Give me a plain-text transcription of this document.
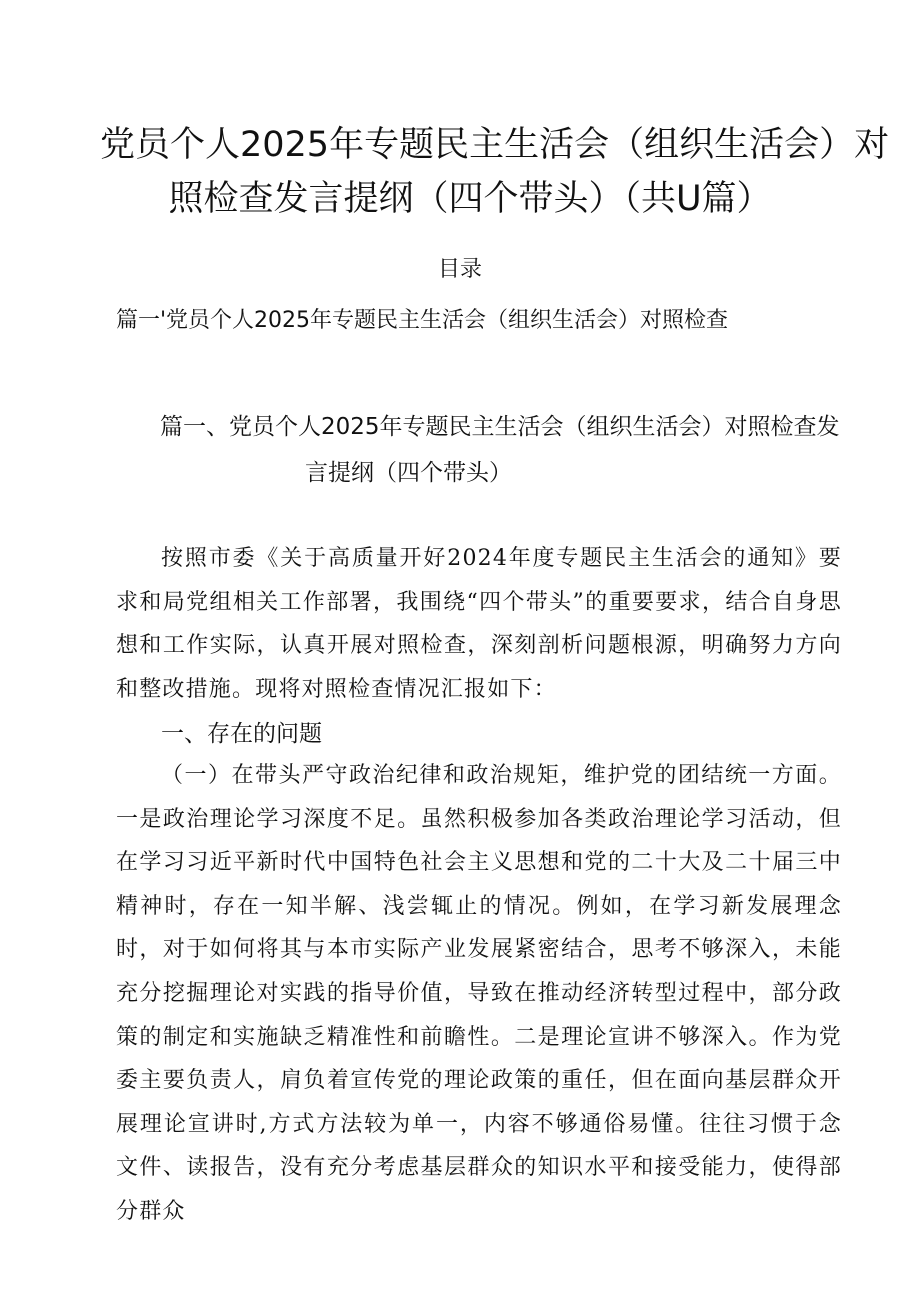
党员个人2025年专题民主生活会（组织生活会）对
照检查发言提纲（四个带头）（共U篇）
目录
篇一'党员个人2025年专题民主生活会（组织生活会）对照检查
篇一、党员个人2025年专题民主生活会（组织生活会）对照检查发
言提纲（四个带头）

按照市委《关于高质量开好2024年度专题民主生活会的通知》要求和局党组相关工作部署，我围绕“四个带头”的重要要求，结合自身思想和工作实际，认真开展对照检查，深刻剖析问题根源，明确努力方向和整改措施。现将对照检查情况汇报如下：

一、存在的问题

（一）在带头严守政治纪律和政治规矩，维护党的团结统一方面。一是政治理论学习深度不足。虽然积极参加各类政治理论学习活动，但在学习习近平新时代中国特色社会主义思想和党的二十大及二十届三中精神时，存在一知半解、浅尝辄止的情况。例如，在学习新发展理念时，对于如何将其与本市实际产业发展紧密结合，思考不够深入，未能充分挖掘理论对实践的指导价值，导致在推动经济转型过程中，部分政策的制定和实施缺乏精准性和前瞻性。二是理论宣讲不够深入。作为党委主要负责人，肩负着宣传党的理论政策的重任，但在面向基层群众开展理论宣讲时,方式方法较为单一，内容不够通俗易懂。往往习惯于念文件、读报告，没有充分考虑基层群众的知识水平和接受能力，使得部分群众
